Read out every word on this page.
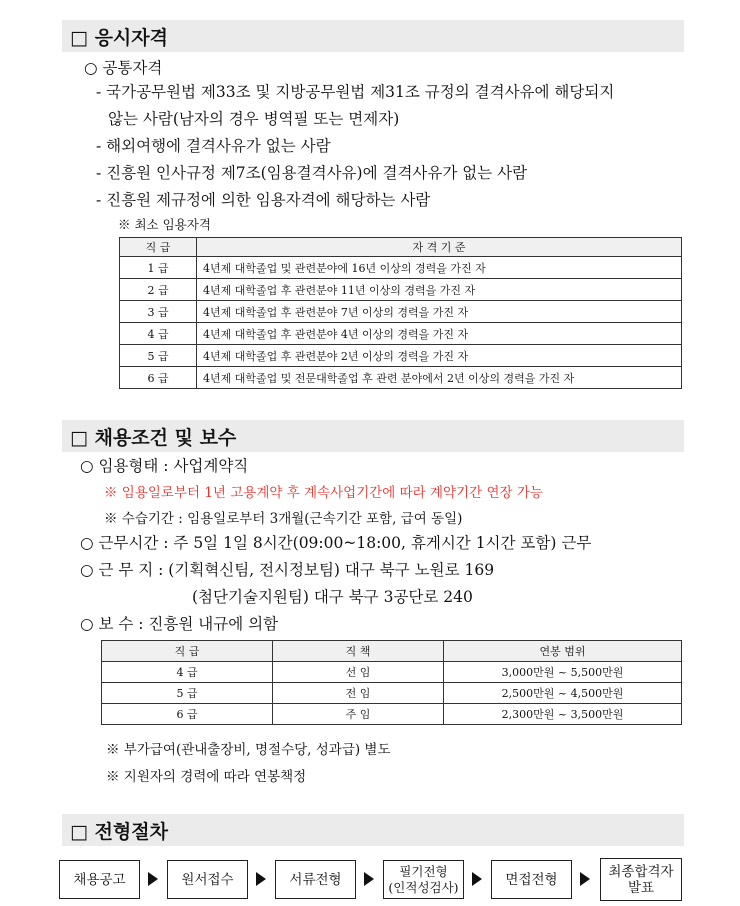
□ 응시자격
○ 공통자격
- 국가공무원법 제33조 및 지방공무원법 제31조 규정의 결격사유에 해당되지
않는 사람(남자의 경우 병역필 또는 면제자)
- 해외여행에 결격사유가 없는 사람
- 진흥원 인사규정 제7조(임용결격사유)에 결격사유가 없는 사람
- 진흥원 제규정에 의한 임용자격에 해당하는 사람
※ 최소 임용자격
직 급	자 격 기 준
1 급	4년제 대학졸업 및 관련분야에 16년 이상의 경력을 가진 자
2 급	4년제 대학졸업 후 관련분야 11년 이상의 경력을 가진 자
3 급	4년제 대학졸업 후 관련분야 7년 이상의 경력을 가진 자
4 급	4년제 대학졸업 후 관련분야 4년 이상의 경력을 가진 자
5 급	4년제 대학졸업 후 관련분야 2년 이상의 경력을 가진 자
6 급	4년제 대학졸업 및 전문대학졸업 후 관련 분야에서 2년 이상의 경력을 가진 자
□ 채용조건 및 보수
○ 임용형태 : 사업계약직
※ 임용일로부터 1년 고용계약 후 계속사업기간에 따라 계약기간 연장 가능
※ 수습기간 : 임용일로부터 3개월(근속기간 포함, 급여 동일)
○ 근무시간 : 주 5일 1일 8시간(09:00~18:00, 휴게시간 1시간 포함) 근무
○ 근 무 지 : (기획혁신팀, 전시정보팀) 대구 북구 노원로 169
(첨단기술지원팀) 대구 북구 3공단로 240
○ 보 수 : 진흥원 내규에 의함
직 급	직 책	연봉 범위
4 급	선 임	3,000만원 ~ 5,500만원
5 급	전 임	2,500만원 ~ 4,500만원
6 급	주 임	2,300만원 ~ 3,500만원
※ 부가급여(관내출장비, 명절수당, 성과급) 별도
※ 지원자의 경력에 따라 연봉책정
□ 전형절차
채용공고	원서접수	서류전형
필기전형
(인적성검사)	면접전형	최종합격자
발표
